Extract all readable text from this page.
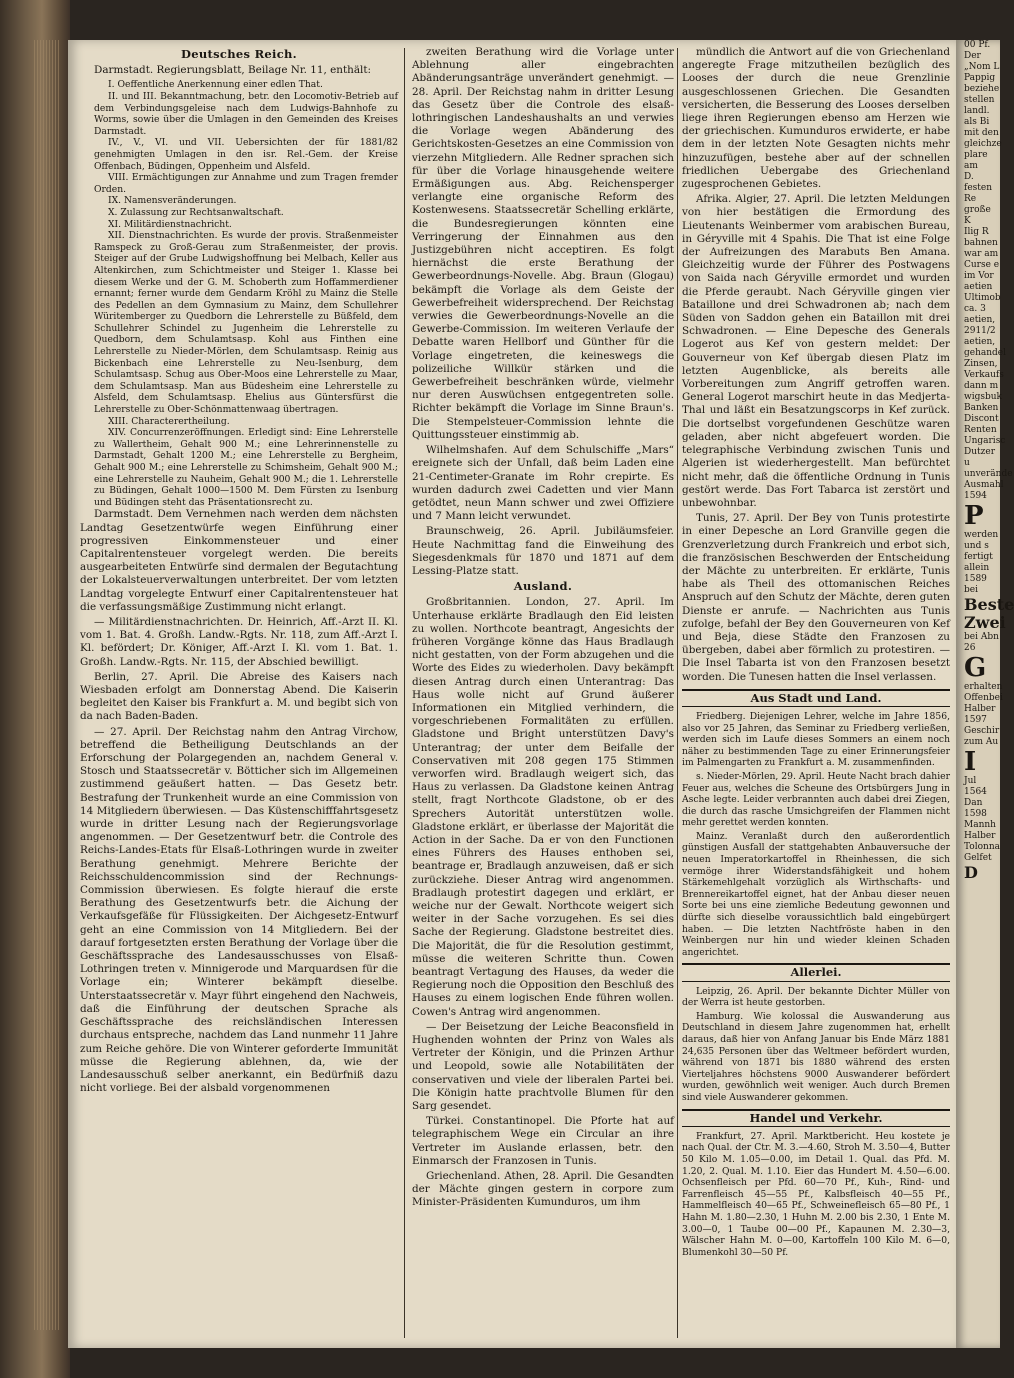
Deutsches Reich.

Darmstadt. Regierungsblatt, Beilage Nr. 11, enthält:

I. Oeffentliche Anerkennung einer edlen That.

II. und III. Bekanntmachung, betr. den Locomotiv-Betrieb auf dem Verbindungsgeleise nach dem Ludwigs-Bahnhofe zu Worms, sowie über die Umlagen in den Gemeinden des Kreises Darmstadt.

IV., V., VI. und VII. Uebersichten der für 1881/82 genehmigten Umlagen in den isr. Rel.-Gem. der Kreise Offenbach, Büdingen, Oppenheim und Alsfeld.

VIII. Ermächtigungen zur Annahme und zum Tragen fremder Orden.

IX. Namensveränderungen.

X. Zulassung zur Rechtsanwaltschaft.

XI. Militärdienstnachricht.

XII. Dienstnachrichten. Es wurde der provis. Straßenmeister Ramspeck zu Groß-Gerau zum Straßenmeister, der provis. Steiger auf der Grube Ludwigshoffnung bei Melbach, Keller aus Altenkirchen, zum Schichtmeister und Steiger 1. Klasse bei diesem Werke und der G. M. Schoberth zum Hoffammerdiener ernannt; ferner wurde dem Gendarm Kröhl zu Mainz die Stelle des Pedellen an dem Gymnasium zu Mainz, dem Schullehrer Würitemberger zu Quedborn die Lehrerstelle zu Büßfeld, dem Schullehrer Schindel zu Jugenheim die Lehrerstelle zu Quedborn, dem Schulamtsasp. Kohl aus Finthen eine Lehrerstelle zu Nieder-Mörlen, dem Schulamtsasp. Reinig aus Bickenbach eine Lehrerstelle zu Neu-Isenburg, dem Schulamtsasp. Schug aus Ober-Moos eine Lehrerstelle zu Maar, dem Schulamtsasp. Man aus Büdesheim eine Lehrerstelle zu Alsfeld, dem Schulamtsasp. Ehelius aus Güntersfürst die Lehrerstelle zu Ober-Schönmattenwaag übertragen.

XIII. Characterertheilung.

XIV. Concurrenzeröffnungen. Erledigt sind: Eine Lehrerstelle zu Wallertheim, Gehalt 900 M.; eine Lehrerinnenstelle zu Darmstadt, Gehalt 1200 M.; eine Lehrerstelle zu Bergheim, Gehalt 900 M.; eine Lehrerstelle zu Schimsheim, Gehalt 900 M.; eine Lehrerstelle zu Nauheim, Gehalt 900 M.; die 1. Lehrerstelle zu Büdingen, Gehalt 1000—1500 M. Dem Fürsten zu Isenburg und Büdingen steht das Präsentationsrecht zu.

Darmstadt. Dem Vernehmen nach werden dem nächsten Landtag Gesetzentwürfe wegen Einführung einer progressiven Einkommensteuer und einer Capitalrentensteuer vorgelegt werden. Die bereits ausgearbeiteten Entwürfe sind dermalen der Begutachtung der Lokalsteuerverwaltungen unterbreitet. Der vom letzten Landtag vorgelegte Entwurf einer Capitalrentensteuer hat die verfassungsmäßige Zustimmung nicht erlangt.

— Militärdienstnachrichten. Dr. Heinrich, Aff.-Arzt II. Kl. vom 1. Bat. 4. Großh. Landw.-Rgts. Nr. 118, zum Aff.-Arzt I. Kl. befördert; Dr. Königer, Aff.-Arzt I. Kl. vom 1. Bat. 1. Großh. Landw.-Rgts. Nr. 115, der Abschied bewilligt.

Berlin, 27. April. Die Abreise des Kaisers nach Wiesbaden erfolgt am Donnerstag Abend. Die Kaiserin begleitet den Kaiser bis Frankfurt a. M. und begibt sich von da nach Baden-Baden.

— 27. April. Der Reichstag nahm den Antrag Virchow, betreffend die Betheiligung Deutschlands an der Erforschung der Polargegenden an, nachdem General v. Stosch und Staatssecretär v. Bötticher sich im Allgemeinen zustimmend geäußert hatten. — Das Gesetz betr. Bestrafung der Trunkenheit wurde an eine Commission von 14 Mitgliedern überwiesen. — Das Küstenschifffahrtsgesetz wurde in dritter Lesung nach der Regierungsvorlage angenommen. — Der Gesetzentwurf betr. die Controle des Reichs-Landes-Etats für Elsaß-Lothringen wurde in zweiter Berathung genehmigt. Mehrere Berichte der Reichsschuldencommission sind der Rechnungs-Commission überwiesen. Es folgte hierauf die erste Berathung des Gesetzentwurfs betr. die Aichung der Verkaufsgefäße für Flüssigkeiten. Der Aichgesetz-Entwurf geht an eine Commission von 14 Mitgliedern. Bei der darauf fortgesetzten ersten Berathung der Vorlage über die Geschäftssprache des Landesausschusses von Elsaß-Lothringen treten v. Minnigerode und Marquardsen für die Vorlage ein; Winterer bekämpft dieselbe. Unterstaatssecretär v. Mayr führt eingehend den Nachweis, daß die Einführung der deutschen Sprache als Geschäftssprache des reichsländischen Interessen durchaus entspreche, nachdem das Land nunmehr 11 Jahre zum Reiche gehöre. Die von Winterer geforderte Immunität müsse die Regierung ablehnen, da, wie der Landesausschuß selber anerkannt, ein Bedürfniß dazu nicht vorliege. Bei der alsbald vorgenommenen

zweiten Berathung wird die Vorlage unter Ablehnung aller eingebrachten Abänderungsanträge unverändert genehmigt. — 28. April. Der Reichstag nahm in dritter Lesung das Gesetz über die Controle des elsaß-lothringischen Landeshaushalts an und verwies die Vorlage wegen Abänderung des Gerichtskosten-Gesetzes an eine Commission von vierzehn Mitgliedern. Alle Redner sprachen sich für über die Vorlage hinausgehende weitere Ermäßigungen aus. Abg. Reichensperger verlangte eine organische Reform des Kostenwesens. Staatssecretär Schelling erklärte, die Bundesregierungen könnten eine Verringerung der Einnahmen aus den Justizgebühren nicht acceptiren. Es folgt hiernächst die erste Berathung der Gewerbeordnungs-Novelle. Abg. Braun (Glogau) bekämpft die Vorlage als dem Geiste der Gewerbefreiheit widersprechend. Der Reichstag verwies die Gewerbeordnungs-Novelle an die Gewerbe-Commission. Im weiteren Verlaufe der Debatte waren Hellborf und Günther für die Vorlage eingetreten, die keineswegs die polizeiliche Willkür stärken und die Gewerbefreiheit beschränken würde, vielmehr nur deren Auswüchsen entgegentreten solle. Richter bekämpft die Vorlage im Sinne Braun's. Die Stempelsteuer-Commission lehnte die Quittungssteuer einstimmig ab.

Wilhelmshafen. Auf dem Schulschiffe „Mars“ ereignete sich der Unfall, daß beim Laden eine 21-Centimeter-Granate im Rohr crepirte. Es wurden dadurch zwei Cadetten und vier Mann getödtet, neun Mann schwer und zwei Offiziere und 7 Mann leicht verwundet.

Braunschweig, 26. April. Jubiläumsfeier. Heute Nachmittag fand die Einweihung des Siegesdenkmals für 1870 und 1871 auf dem Lessing-Platze statt.

Ausland.

Großbritannien. London, 27. April. Im Unterhause erklärte Bradlaugh den Eid leisten zu wollen. Northcote beantragt, Angesichts der früheren Vorgänge könne das Haus Bradlaugh nicht gestatten, von der Form abzugehen und die Worte des Eides zu wiederholen. Davy bekämpft diesen Antrag durch einen Unterantrag: Das Haus wolle nicht auf Grund äußerer Informationen ein Mitglied verhindern, die vorgeschriebenen Formalitäten zu erfüllen. Gladstone und Bright unterstützen Davy's Unterantrag; der unter dem Beifalle der Conservativen mit 208 gegen 175 Stimmen verworfen wird. Bradlaugh weigert sich, das Haus zu verlassen. Da Gladstone keinen Antrag stellt, fragt Northcote Gladstone, ob er des Sprechers Autorität unterstützen wolle. Gladstone erklärt, er überlasse der Majorität die Action in der Sache. Da er von den Functionen eines Führers des Hauses enthoben sei, beantrage er, Bradlaugh anzuweisen, daß er sich zurückziehe. Dieser Antrag wird angenommen. Bradlaugh protestirt dagegen und erklärt, er weiche nur der Gewalt. Northcote weigert sich weiter in der Sache vorzugehen. Es sei dies Sache der Regierung. Gladstone bestreitet dies. Die Majorität, die für die Resolution gestimmt, müsse die weiteren Schritte thun. Cowen beantragt Vertagung des Hauses, da weder die Regierung noch die Opposition den Beschluß des Hauses zu einem logischen Ende führen wollen. Cowen's Antrag wird angenommen.

— Der Beisetzung der Leiche Beaconsfield in Hughenden wohnten der Prinz von Wales als Vertreter der Königin, und die Prinzen Arthur und Leopold, sowie alle Notabilitäten der conservativen und viele der liberalen Partei bei. Die Königin hatte prachtvolle Blumen für den Sarg gesendet.

Türkei. Constantinopel. Die Pforte hat auf telegraphischem Wege ein Circular an ihre Vertreter im Auslande erlassen, betr. den Einmarsch der Franzosen in Tunis.

Griechenland. Athen, 28. April. Die Gesandten der Mächte gingen gestern in corpore zum Minister-Präsidenten Kumunduros, um ihm

mündlich die Antwort auf die von Griechenland angeregte Frage mitzutheilen bezüglich des Looses der durch die neue Grenzlinie ausgeschlossenen Griechen. Die Gesandten versicherten, die Besserung des Looses derselben liege ihren Regierungen ebenso am Herzen wie der griechischen. Kumunduros erwiderte, er habe dem in der letzten Note Gesagten nichts mehr hinzuzufügen, bestehe aber auf der schnellen friedlichen Uebergabe des Griechenland zugesprochenen Gebietes.

Afrika. Algier, 27. April. Die letzten Meldungen von hier bestätigen die Ermordung des Lieutenants Weinbermer vom arabischen Bureau, in Géryville mit 4 Spahis. Die That ist eine Folge der Aufreizungen des Marabuts Ben Amana. Gleichzeitig wurde der Führer des Postwagens von Saida nach Géryville ermordet und wurden die Pferde geraubt. Nach Géryville gingen vier Bataillone und drei Schwadronen ab; nach dem Süden von Saddon gehen ein Bataillon mit drei Schwadronen. — Eine Depesche des Generals Logerot aus Kef von gestern meldet: Der Gouverneur von Kef übergab diesen Platz im letzten Augenblicke, als bereits alle Vorbereitungen zum Angriff getroffen waren. General Logerot marschirt heute in das Medjerta-Thal und läßt ein Besatzungscorps in Kef zurück. Die dortselbst vorgefundenen Geschütze waren geladen, aber nicht abgefeuert worden. Die telegraphische Verbindung zwischen Tunis und Algerien ist wiederhergestellt. Man befürchtet nicht mehr, daß die öffentliche Ordnung in Tunis gestört werde. Das Fort Tabarca ist zerstört und unbewohnbar.

Tunis, 27. April. Der Bey von Tunis protestirte in einer Depesche an Lord Granville gegen die Grenzverletzung durch Frankreich und erbot sich, die französischen Beschwerden der Entscheidung der Mächte zu unterbreiten. Er erklärte, Tunis habe als Theil des ottomanischen Reiches Anspruch auf den Schutz der Mächte, deren guten Dienste er anrufe. — Nachrichten aus Tunis zufolge, befahl der Bey den Gouverneuren von Kef und Beja, diese Städte den Franzosen zu übergeben, dabei aber förmlich zu protestiren. — Die Insel Tabarta ist von den Franzosen besetzt worden. Die Tunesen hatten die Insel verlassen.

Aus Stadt und Land.

Friedberg. Diejenigen Lehrer, welche im Jahre 1856, also vor 25 Jahren, das Seminar zu Friedberg verließen, werden sich im Laufe dieses Sommers an einem noch näher zu bestimmenden Tage zu einer Erinnerungsfeier im Palmengarten zu Frankfurt a. M. zusammenfinden.

s. Nieder-Mörlen, 29. April. Heute Nacht brach dahier Feuer aus, welches die Scheune des Ortsbürgers Jung in Asche legte. Leider verbrannten auch dabei drei Ziegen, die durch das rasche Umsichgreifen der Flammen nicht mehr gerettet werden konnten.

Mainz. Veranlaßt durch den außerordentlich günstigen Ausfall der stattgehabten Anbauversuche der neuen Imperatorkartoffel in Rheinhessen, die sich vermöge ihrer Widerstandsfähigkeit und hohem Stärkemehlgehalt vorzüglich als Wirthschafts- und Brennereikartoffel eignet, hat der Anbau dieser neuen Sorte bei uns eine ziemliche Bedeutung gewonnen und dürfte sich dieselbe voraussichtlich bald eingebürgert haben. — Die letzten Nachtfröste haben in den Weinbergen nur hin und wieder kleinen Schaden angerichtet.

Allerlei.

Leipzig, 26. April. Der bekannte Dichter Müller von der Werra ist heute gestorben.

Hamburg. Wie kolossal die Auswanderung aus Deutschland in diesem Jahre zugenommen hat, erhellt daraus, daß hier von Anfang Januar bis Ende März 1881 24,635 Personen über das Weltmeer befördert wurden, während von 1871 bis 1880 während des ersten Vierteljahres höchstens 9000 Auswanderer befördert wurden, gewöhnlich weit weniger. Auch durch Bremen sind viele Auswanderer gekommen.

Handel und Verkehr.

Frankfurt, 27. April. Marktbericht. Heu kostete je nach Qual. der Ctr. M. 3.—4.60, Stroh M. 3.50—4, Butter 50 Kilo M. 1.05—0.00, im Detail 1. Qual. das Pfd. M. 1.20, 2. Qual. M. 1.10. Eier das Hundert M. 4.50—6.00. Ochsenfleisch per Pfd. 60—70 Pf., Kuh-, Rind- und Farrenfleisch 45—55 Pf., Kalbsfleisch 40—55 Pf., Hammelfleisch 40—65 Pf., Schweinefleisch 65—80 Pf., 1 Hahn M. 1.80—2.30, 1 Huhn M. 2.00 bis 2.30, 1 Ente M. 3.00—0, 1 Taube 00—00 Pf., Kapaunen M. 2.30—3, Wälscher Hahn M. 0—00, Kartoffeln 100 Kilo M. 6—0, Blumenkohl 30—50 Pf.

00 Pf.
Der
„Nom L
Pappig
beziehe
stellen
landl.
als Bi
mit den
gleichze
plare am
D.
festen
Re
große K
Ilig R
bahnen
war am
Curse e
im Vor
aetien
Ultimob
ca. 3
aetien,
2911/2
aetien,
gehandel
Zinsen,
Verkaufs
dann m
wigsbuk
Banken
Discont
Renten
Ungarisc
Dutzer u
unverände
Ausmahl
1594
P
werden
und s
fertigt
allein
1589
bei
Beste
Zwei
bei Abn
26
G
erhalten
Offenbei
Halber
1597
Geschir
zum Au
I
Jul
1564
Dan
1598
Mannh
Halber
Tolonna
Gelfet
D
